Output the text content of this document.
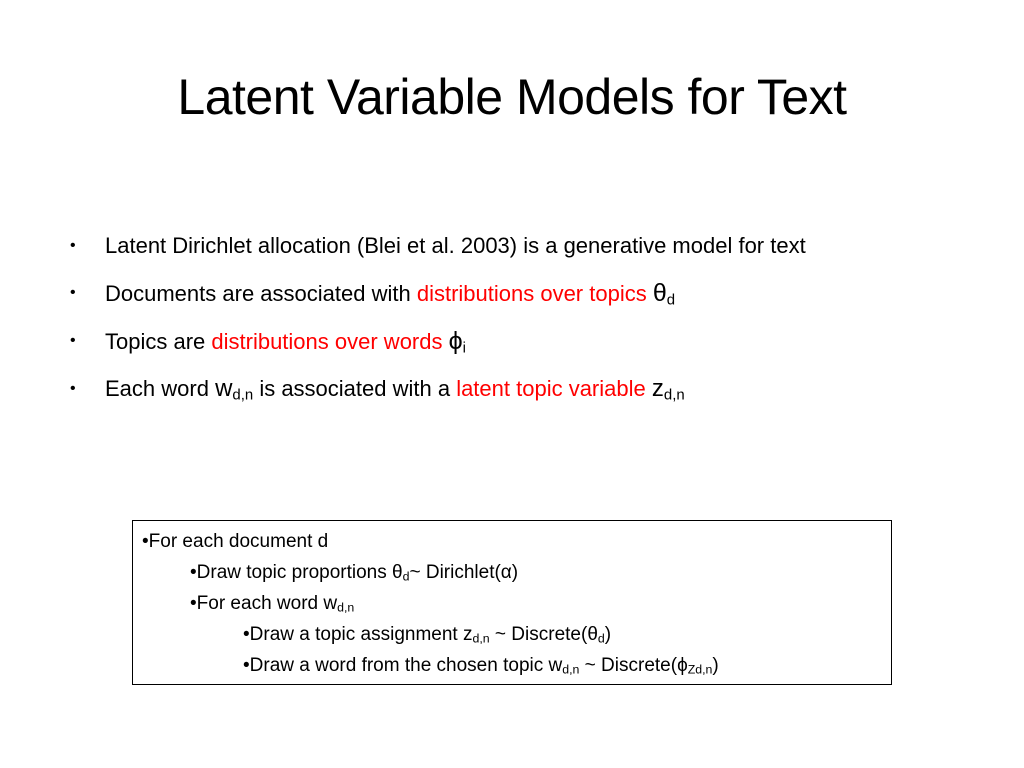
Latent Variable Models for Text
• Latent Dirichlet allocation (Blei et al. 2003) is a generative model for text
• Documents are associated with distributions over topics $\theta_d$
• Topics are distributions over words $\phi_i$
• Each word $w_{d,n}$ is associated with a latent topic variable $z_{d,n}$
•For each document d
•Draw topic proportions $\theta_d\sim$ Dirichlet(α)
•For each word $w_{d,n}$
•Draw a topic assignment $z_{d,n}$ ~ $Discrete(\theta_d)$
•Draw a word from the chosen topic $w_{d,n}$ ~ $Discrete(\phi_{Zd,n})$
